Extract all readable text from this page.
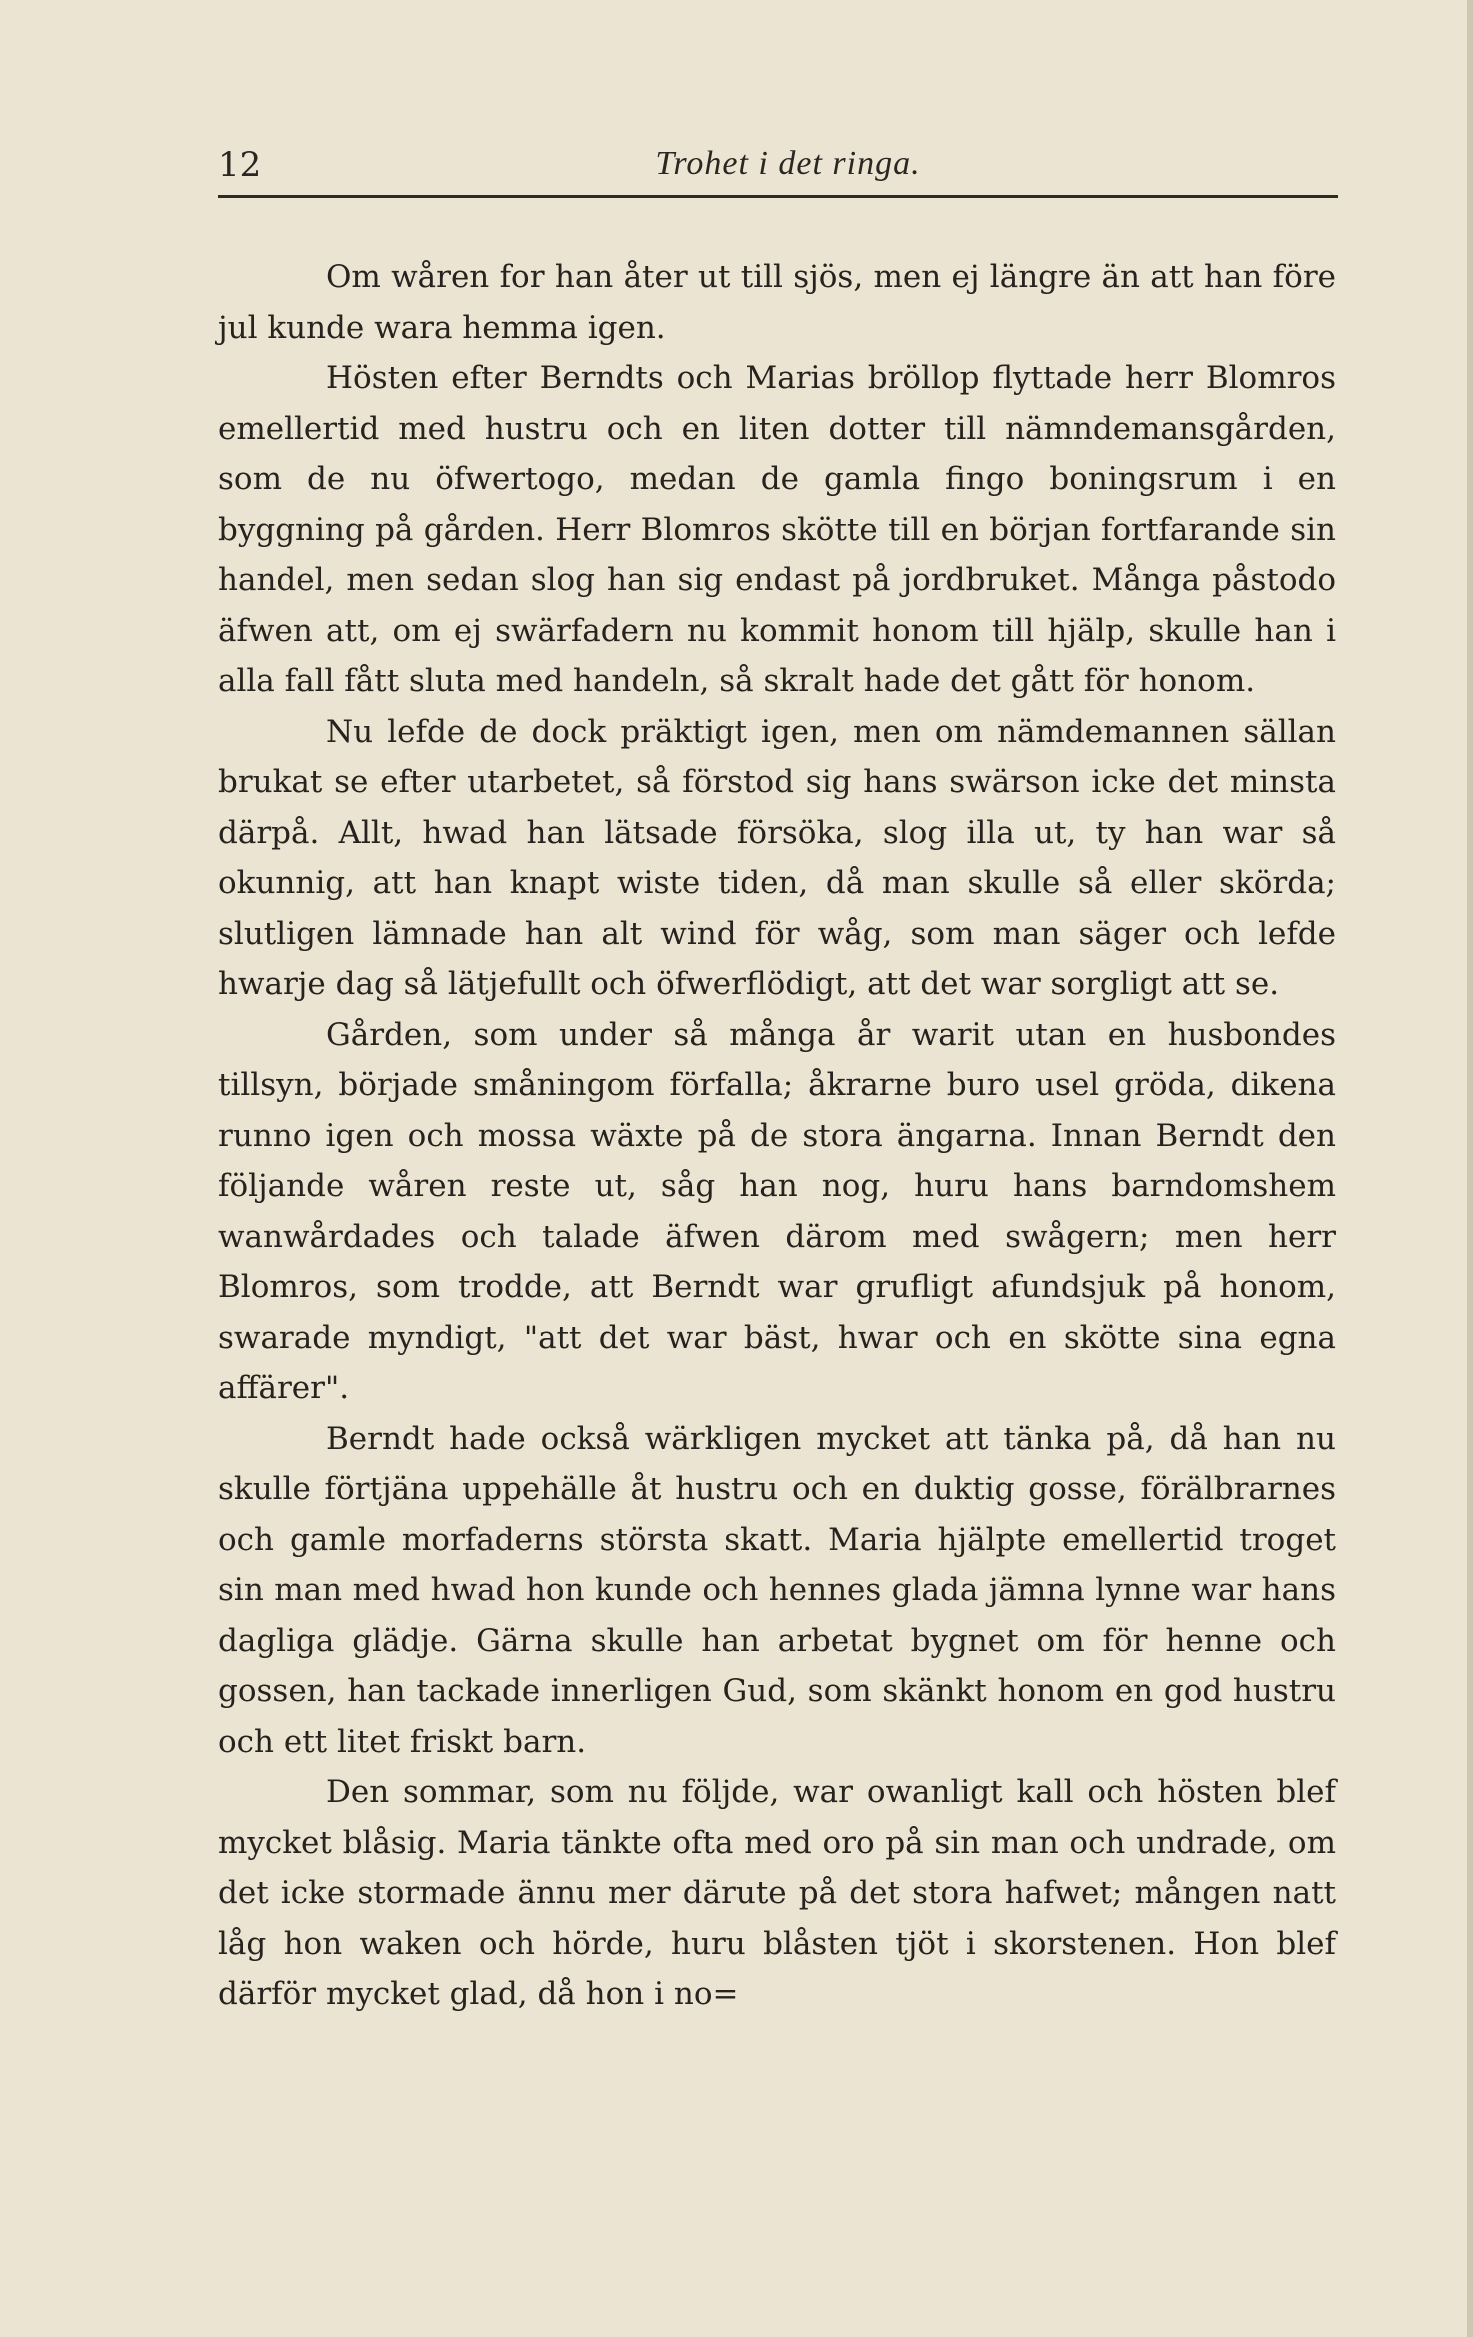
12	Trohet i det ringa.

Om wåren for han åter ut till sjös, men ej längre än att han före jul kunde wara hemma igen.

Hösten efter Berndts och Marias bröllop flyttade herr Blomros emellertid med hustru och en liten dotter till nämndemansgården, som de nu öfwertogo, medan de gamla fingo boningsrum i en byggning på gården. Herr Blomros skötte till en början fortfarande sin handel, men sedan slog han sig endast på jordbruket. Många påstodo äfwen att, om ej swärfadern nu kommit honom till hjälp, skulle han i alla fall fått sluta med handeln, så skralt hade det gått för honom.

Nu lefde de dock präktigt igen, men om nämdemannen sällan brukat se efter utarbetet, så förstod sig hans swärson icke det minsta därpå. Allt, hwad han lätsade försöka, slog illa ut, ty han war så okunnig, att han knapt wiste tiden, då man skulle så eller skörda; slutligen lämnade han alt wind för wåg, som man säger och lefde hwarje dag så lätjefullt och öfwerflödigt, att det war sorgligt att se.

Gården, som under så många år warit utan en husbondes tillsyn, började småningom förfalla; åkrarne buro usel gröda, dikena runno igen och mossa wäxte på de stora ängarna. Innan Berndt den följande wåren reste ut, såg han nog, huru hans barndomshem wanwårdades och talade äfwen därom med swågern; men herr Blomros, som trodde, att Berndt war grufligt afundsjuk på honom, swarade myndigt, "att det war bäst, hwar och en skötte sina egna affärer".

Berndt hade också wärkligen mycket att tänka på, då han nu skulle förtjäna uppehälle åt hustru och en duktig gosse, förälbrarnes och gamle morfaderns största skatt. Maria hjälpte emellertid troget sin man med hwad hon kunde och hennes glada jämna lynne war hans dagliga glädje. Gärna skulle han arbetat bygnet om för henne och gossen, han tackade innerligen Gud, som skänkt honom en god hustru och ett litet friskt barn.

Den sommar, som nu följde, war owanligt kall och hösten blef mycket blåsig. Maria tänkte ofta med oro på sin man och undrade, om det icke stormade ännu mer därute på det stora hafwet; mången natt låg hon waken och hörde, huru blåsten tjöt i skorstenen. Hon blef därför mycket glad, då hon i no=
